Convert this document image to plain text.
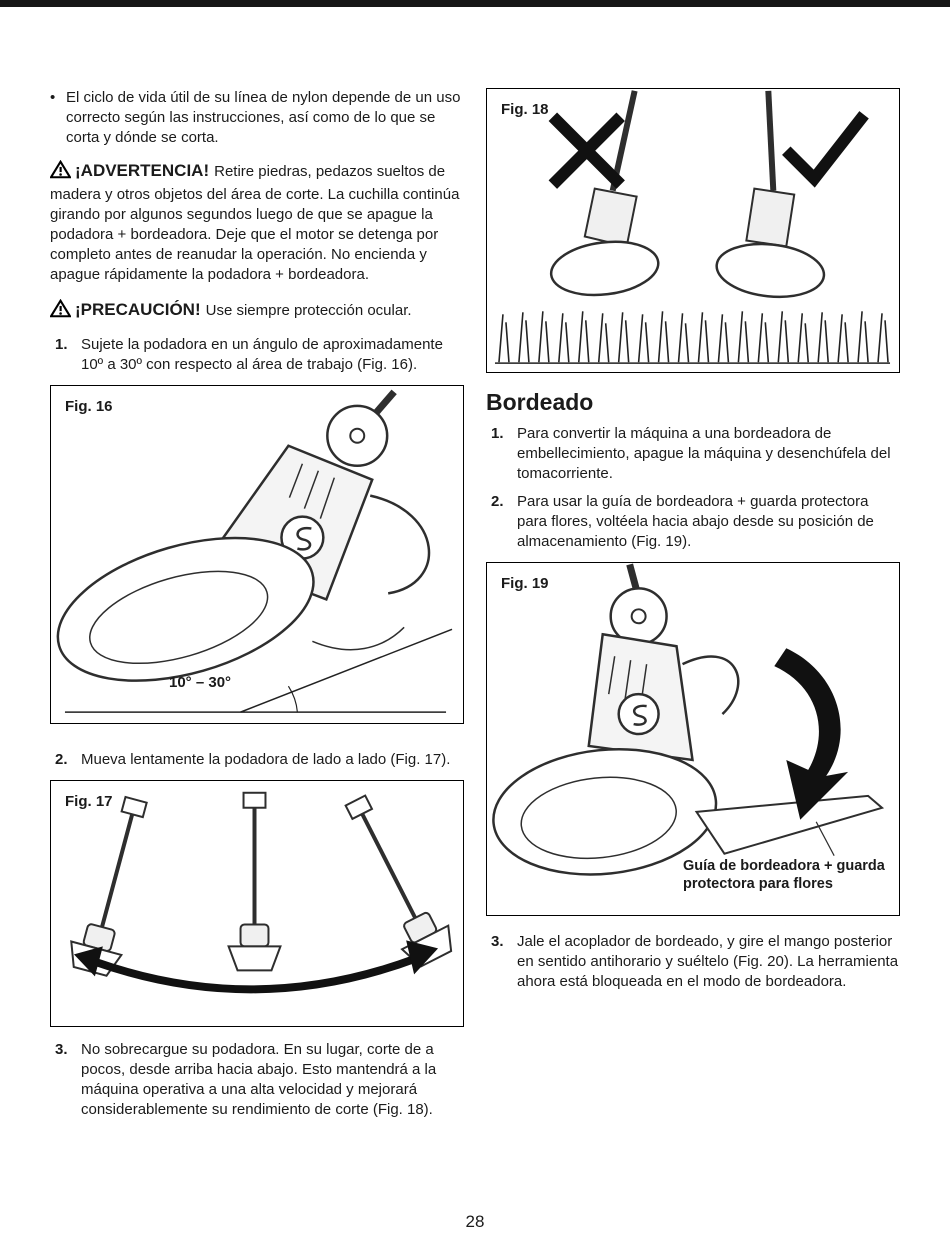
• El ciclo de vida útil de su línea de nylon depende de un uso correcto según las instrucciones, así como de lo que se corta y dónde se corta.
¡ADVERTENCIA! Retire piedras, pedazos sueltos de madera y otros objetos del área de corte. La cuchilla continúa girando por algunos segundos luego de que se apague la podadora + bordeadora. Deje que el motor se detenga por completo antes de reanudar la operación. No encienda y apague rápidamente la podadora + bordeadora.
¡PRECAUCIÓN! Use siempre protección ocular.
1. Sujete la podadora en un ángulo de aproximadamente 10º a 30º con respecto al área de trabajo (Fig. 16).
Fig. 16
10° – 30°
2. Mueva lentamente la podadora de lado a lado (Fig. 17).
Fig. 17
3. No sobrecargue su podadora. En su lugar, corte de a pocos, desde arriba hacia abajo. Esto mantendrá a la máquina operativa a una alta velocidad y mejorará considerablemente su rendimiento de corte (Fig. 18).
Fig. 18
Bordeado
1. Para convertir la máquina a una bordeadora de embellecimiento, apague la máquina y desenchúfela del tomacorriente.
2. Para usar la guía de bordeadora + guarda protectora para flores, voltéela hacia abajo desde su posición de almacenamiento (Fig. 19).
Fig. 19
Guía de bordeadora + guarda protectora para flores
3. Jale el acoplador de bordeado, y gire el mango posterior en sentido antihorario y suéltelo (Fig. 20). La herramienta ahora está bloqueada en el modo de bordeadora.
28
